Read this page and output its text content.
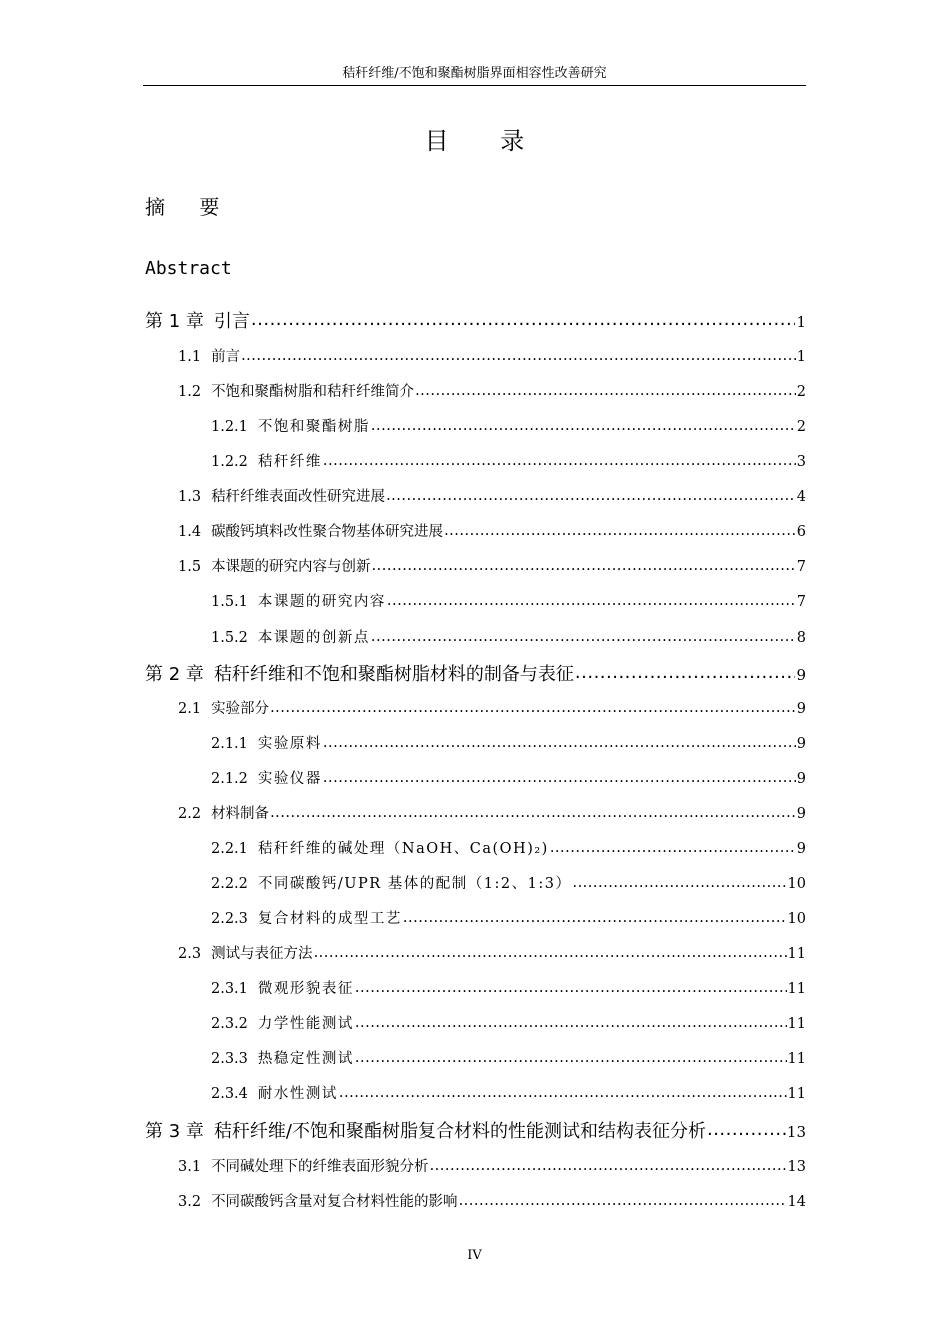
秸秆纤维/不饱和聚酯树脂界面相容性改善研究
目 录
摘 要
Abstract
第 1 章 引言 .....	1
1.1 前言 .....	1
1.2 不饱和聚酯树脂和秸秆纤维简介 .....	2
1.2.1 不饱和聚酯树脂 .....	2
1.2.2 秸秆纤维 .....	3
1.3 秸秆纤维表面改性研究进展 .....	4
1.4 碳酸钙填料改性聚合物基体研究进展 .....	6
1.5 本课题的研究内容与创新 .....	7
1.5.1 本课题的研究内容 .....	7
1.5.2 本课题的创新点 .....	8
第 2 章 秸秆纤维和不饱和聚酯树脂材料的制备与表征 .....	9
2.1 实验部分 .....	9
2.1.1 实验原料 .....	9
2.1.2 实验仪器 .....	9
2.2 材料制备 .....	9
2.2.1 秸秆纤维的碱处理（NaOH、Ca(OH)₂) .....	9
2.2.2 不同碳酸钙/UPR 基体的配制（1:2、1:3） .....	10
2.2.3 复合材料的成型工艺 .....	10
2.3 测试与表征方法 .....	11
2.3.1 微观形貌表征 .....	11
2.3.2 力学性能测试 .....	11
2.3.3 热稳定性测试 .....	11
2.3.4 耐水性测试 .....	11
第 3 章 秸秆纤维/不饱和聚酯树脂复合材料的性能测试和结构表征分析 .....	13
3.1 不同碱处理下的纤维表面形貌分析 .....	13
3.2 不同碳酸钙含量对复合材料性能的影响 .....	14
IV
